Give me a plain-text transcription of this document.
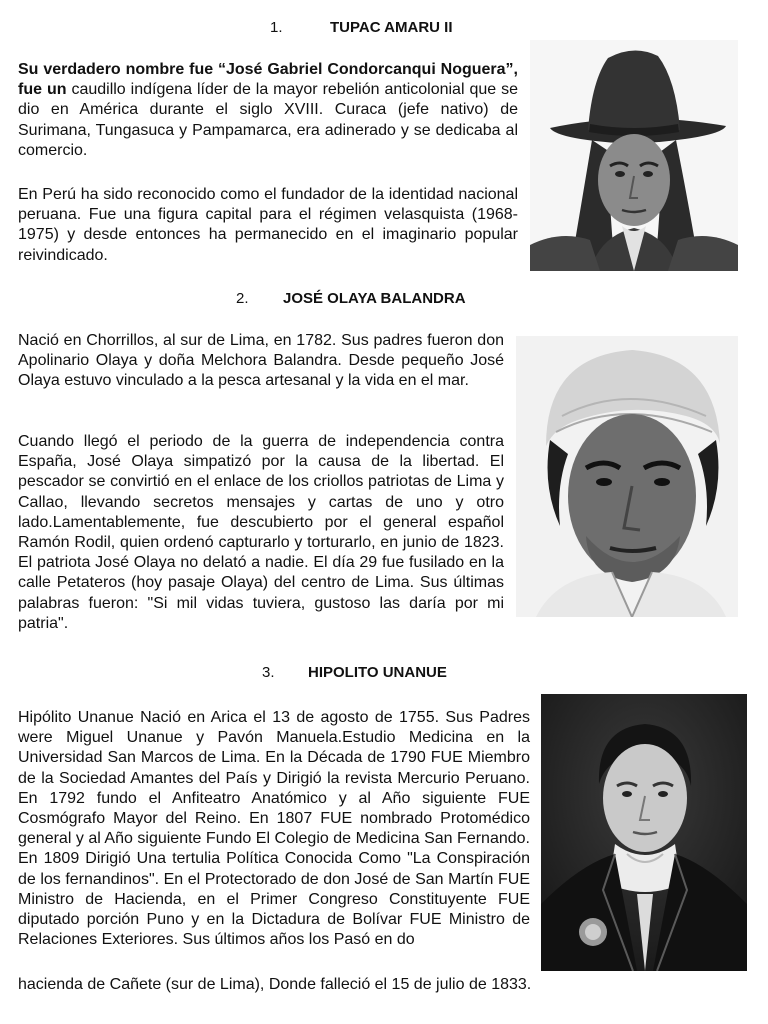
1.	TUPAC AMARU II
Su verdadero nombre fue “José Gabriel Condorcanqui Noguera”, fue un caudillo indígena líder de la mayor rebelión anticolonial que se dio en América durante el siglo XVIII. Curaca (jefe nativo) de Surimana, Tungasuca y Pampamarca, era adinerado y se dedicaba al comercio.
En Perú ha sido reconocido como el fundador de la identidad nacional peruana. Fue una figura capital para el régimen velasquista (1968-1975) y desde entonces ha permanecido en el imaginario popular reivindicado.
2. JOSÉ OLAYA BALANDRA
Nació en Chorrillos, al sur de Lima, en 1782. Sus padres fueron don Apolinario Olaya y doña Melchora Balandra. Desde pequeño José Olaya estuvo vinculado a la pesca artesanal y la vida en el mar.
Cuando llegó el periodo de la guerra de independencia contra España, José Olaya simpatizó por la causa de la libertad. El pescador se convirtió en el enlace de los criollos patriotas de Lima y Callao, llevando secretos mensajes y cartas de uno y otro lado.Lamentablemente, fue descubierto por el general español Ramón Rodil, quien ordenó capturarlo y torturarlo, en junio de 1823. El patriota José Olaya no delató a nadie. El día 29 fue fusilado en la calle Petateros (hoy pasaje Olaya) del centro de Lima. Sus últimas palabras fueron: "Si mil vidas tuviera, gustoso las daría por mi patria".
3. HIPOLITO UNANUE
Hipólito Unanue Nació en Arica el 13 de agosto de 1755. Sus Padres were Miguel Unanue y Pavón Manuela.Estudio Medicina en la Universidad San Marcos de Lima. En la Década de 1790 FUE Miembro de la Sociedad Amantes del País y Dirigió la revista Mercurio Peruano. En 1792 fundo el Anfiteatro Anatómico y al Año siguiente FUE Cosmógrafo Mayor del Reino. En 1807 FUE nombrado Protomédico general y al Año siguiente Fundo El Colegio de Medicina San Fernando. En 1809 Dirigió Una tertulia Política Conocida Como "La Conspiración de los fernandinos". En el Protectorado de don José de San Martín FUE Ministro de Hacienda, en el Primer Congreso Constituyente FUE diputado porción Puno y en la Dictadura de Bolívar FUE Ministro de Relaciones Exteriores. Sus últimos años los Pasó en do
hacienda de Cañete (sur de Lima), Donde falleció el 15 de julio de 1833.
